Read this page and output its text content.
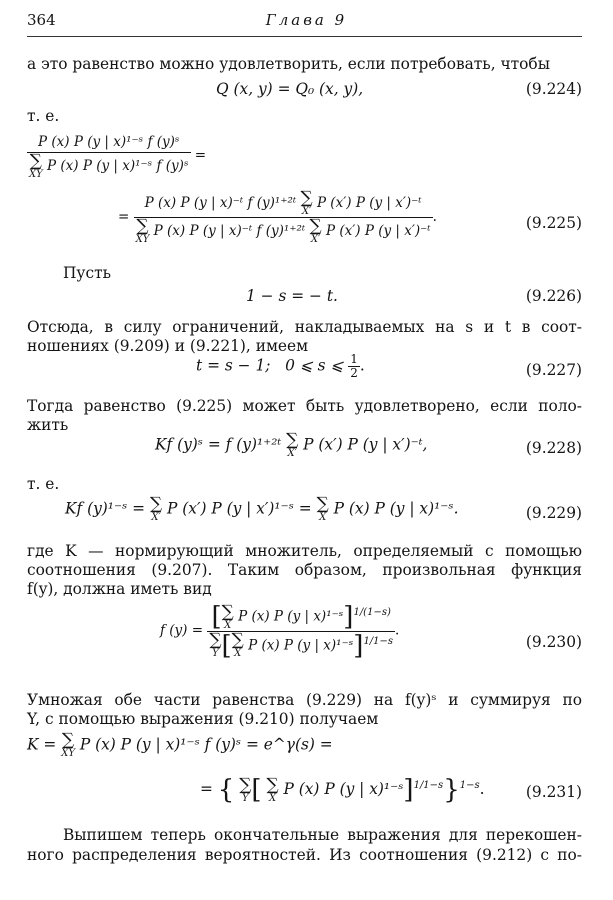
364	Глава 9
а это равенство можно удовлетворить, если потребовать, чтобы
Q (x, y) = Q₀ (x, y),	(9.224)
т. е.
P (x) P (y | x)¹⁻ˢ f (y)ˢ
∑
XY
P (x) P (y | x)¹⁻ˢ f (y)ˢ =
= P (x) P (y | x)⁻ᵗ f (y)¹⁺²ᵗ ∑
X′
P (x′) P (y | x′)⁻ᵗ
∑
XY
P (x) P (y | x)⁻ᵗ f (y)¹⁺²ᵗ ∑
X′
P (x′) P (y | x′)⁻ᵗ .	(9.225)
Пусть
1 − s = − t.	(9.226)
Отсюда, в силу ограничений, накладываемых на s и t в соот-
ношениях (9.209) и (9.221), имеем
t = s − 1; 0 ⩽ s ⩽ $\frac{1}{2}$ .	(9.227)
Тогда равенство (9.225) может быть удовлетворено, если поло-
жить
Kf (y)ˢ = f (y)¹⁺²ᵗ ∑
X′ P (x′) P (y | x′)⁻ᵗ,	(9.228)
т. е.
Kf (y)¹⁻ˢ = ∑
X′ P (x′) P (y | x′)¹⁻ˢ = ∑
X P (x) P (y | x)¹⁻ˢ.	(9.229)
где K — нормирующий множитель, определяемый с помощью
соотношения (9.207). Таким образом, произвольная функция
f(y), должна иметь вид
f (y) = [ ∑
X
P (x) P (y | x)¹⁻ˢ]$^{1/(1-s)}$
∑
Y [ ∑
X
P (x) P (y | x)¹⁻ˢ]$^{1/1-s}$ .
(9.230)
Умножая обе части равенства (9.229) на f(y)ˢ и суммируя по
Y, с помощью выражения (9.210) получаем
K = ∑
XY P (x) P (y | x)¹⁻ˢ f (y)ˢ = e^γ(s) =
= { ∑
Y [ ∑
X P (x) P (y | x)¹⁻ˢ]$^{1/1-s}$}$^{1-s}$.	(9.231)
Выпишем теперь окончательные выражения для перекошен-
ного распределения вероятностей. Из соотношения (9.212) с по-
